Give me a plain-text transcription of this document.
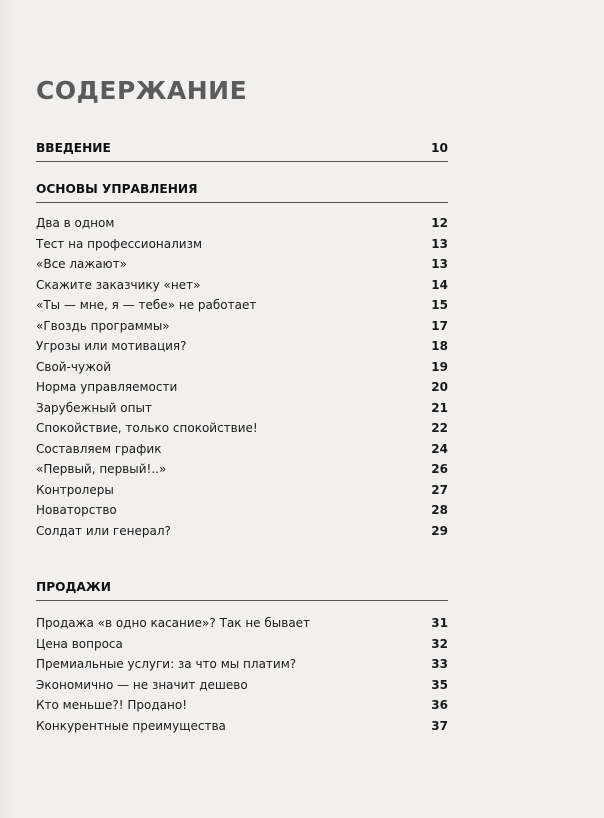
СОДЕРЖАНИЕ
ВВЕДЕНИЕ	10
ОСНОВЫ УПРАВЛЕНИЯ
Два в одном	12
Тест на профессионализм	13
«Все лажают»	13
Скажите заказчику «нет»	14
«Ты — мне, я — тебе» не работает	15
«Гвоздь программы»	17
Угрозы или мотивация?	18
Свой-чужой	19
Норма управляемости	20
Зарубежный опыт	21
Спокойствие, только спокойствие!	22
Составляем график	24
«Первый, первый!..»	26
Контролеры	27
Новаторство	28
Солдат или генерал?	29
ПРОДАЖИ
Продажа «в одно касание»? Так не бывает	31
Цена вопроса	32
Премиальные услуги: за что мы платим?	33
Экономично — не значит дешево	35
Кто меньше?! Продано!	36
Конкурентные преимущества	37
